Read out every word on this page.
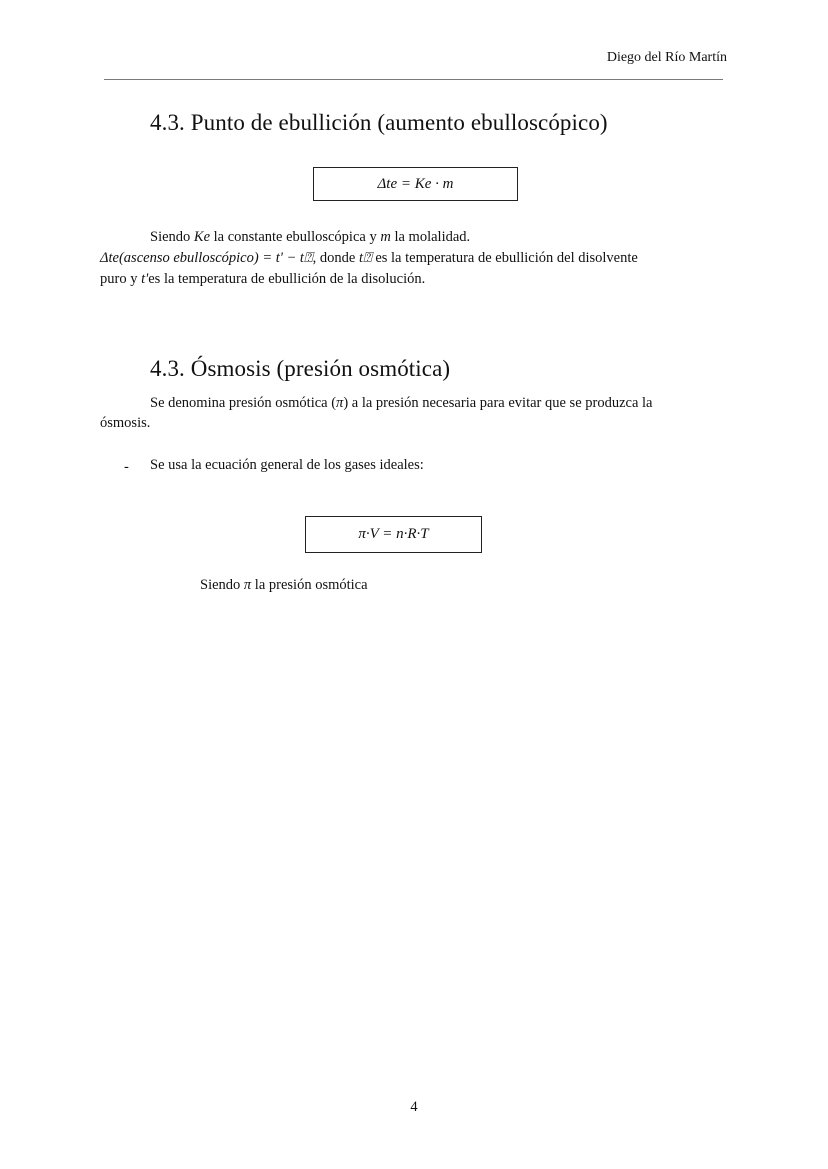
Diego del Río Martín
4.3. Punto de ebullición (aumento ebulloscópico)
Δte = Ke · m
Siendo Ke la constante ebulloscópica y m la molalidad.
Δte(ascenso ebulloscópico) = t' − t⍰, donde t⍰ es la temperatura de ebullición del disolvente
puro y t'es la temperatura de ebullición de la disolución.
4.3. Ósmosis (presión osmótica)
Se denomina presión osmótica (π) a la presión necesaria para evitar que se produzca la
ósmosis.
- Se usa la ecuación general de los gases ideales:
π·V = n·R·T
Siendo π la presión osmótica
4
